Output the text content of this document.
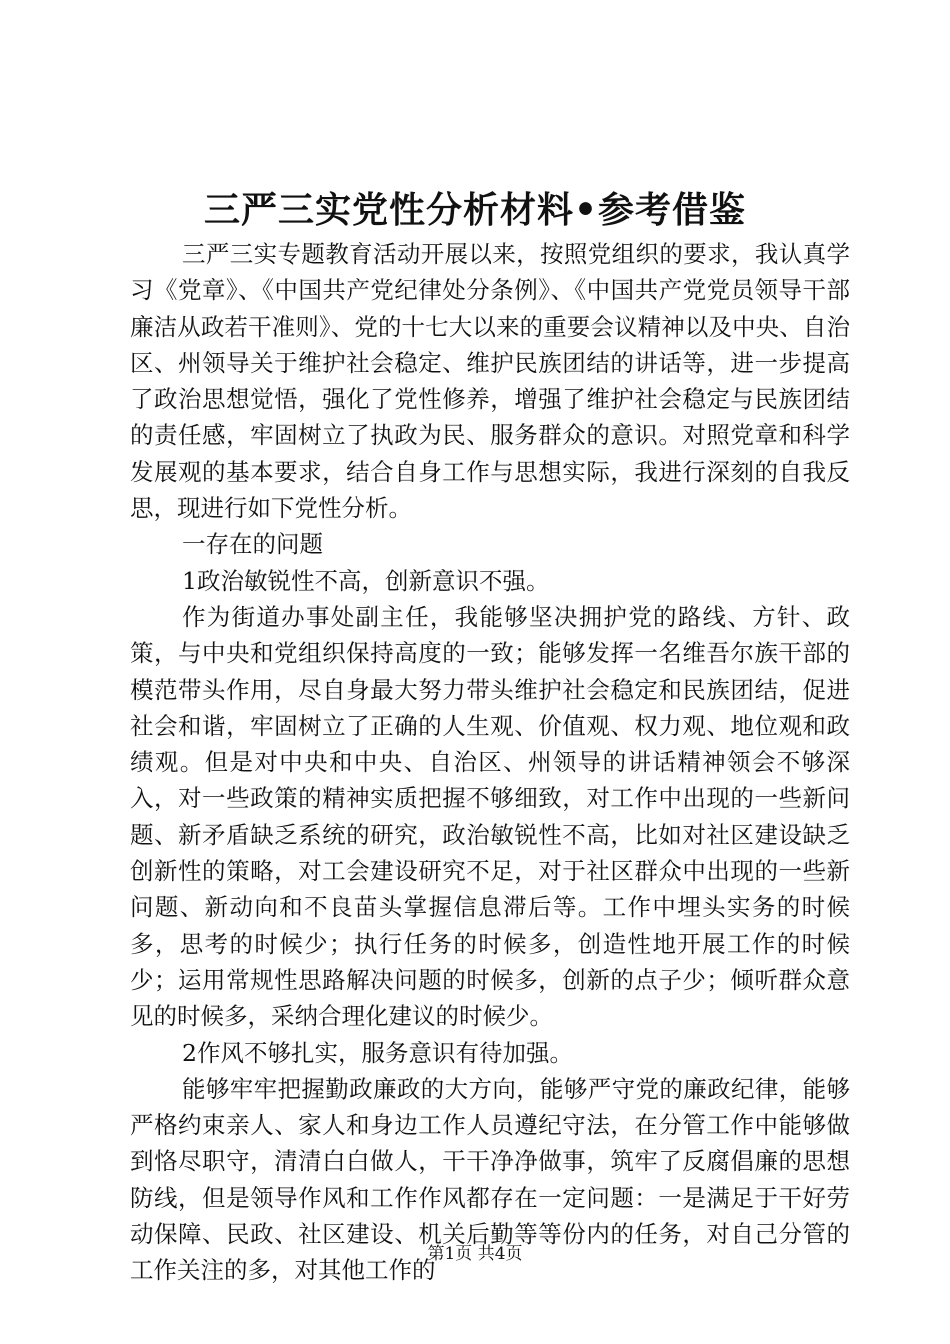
三严三实党性分析材料•参考借鉴

三严三实专题教育活动开展以来，按照党组织的要求，我认真学习《党章》、《中国共产党纪律处分条例》、《中国共产党党员领导干部廉洁从政若干准则》、党的十七大以来的重要会议精神以及中央、自治区、州领导关于维护社会稳定、维护民族团结的讲话等，进一步提高了政治思想觉悟，强化了党性修养，增强了维护社会稳定与民族团结的责任感，牢固树立了执政为民、服务群众的意识。对照党章和科学发展观的基本要求，结合自身工作与思想实际，我进行深刻的自我反思，现进行如下党性分析。

一存在的问题

1政治敏锐性不高，创新意识不强。

作为街道办事处副主任，我能够坚决拥护党的路线、方针、政策，与中央和党组织保持高度的一致；能够发挥一名维吾尔族干部的模范带头作用，尽自身最大努力带头维护社会稳定和民族团结，促进社会和谐，牢固树立了正确的人生观、价值观、权力观、地位观和政绩观。但是对中央和中央、自治区、州领导的讲话精神领会不够深入，对一些政策的精神实质把握不够细致，对工作中出现的一些新问题、新矛盾缺乏系统的研究，政治敏锐性不高，比如对社区建设缺乏创新性的策略，对工会建设研究不足，对于社区群众中出现的一些新问题、新动向和不良苗头掌握信息滞后等。工作中埋头实务的时候多，思考的时候少；执行任务的时候多，创造性地开展工作的时候少；运用常规性思路解决问题的时候多，创新的点子少；倾听群众意见的时候多，采纳合理化建议的时候少。

2作风不够扎实，服务意识有待加强。

能够牢牢把握勤政廉政的大方向，能够严守党的廉政纪律，能够严格约束亲人、家人和身边工作人员遵纪守法，在分管工作中能够做到恪尽职守，清清白白做人，干干净净做事，筑牢了反腐倡廉的思想防线，但是领导作风和工作作风都存在一定问题：一是满足于干好劳动保障、民政、社区建设、机关后勤等等份内的任务，对自己分管的工作关注的多，对其他工作的

第1页 共4页
